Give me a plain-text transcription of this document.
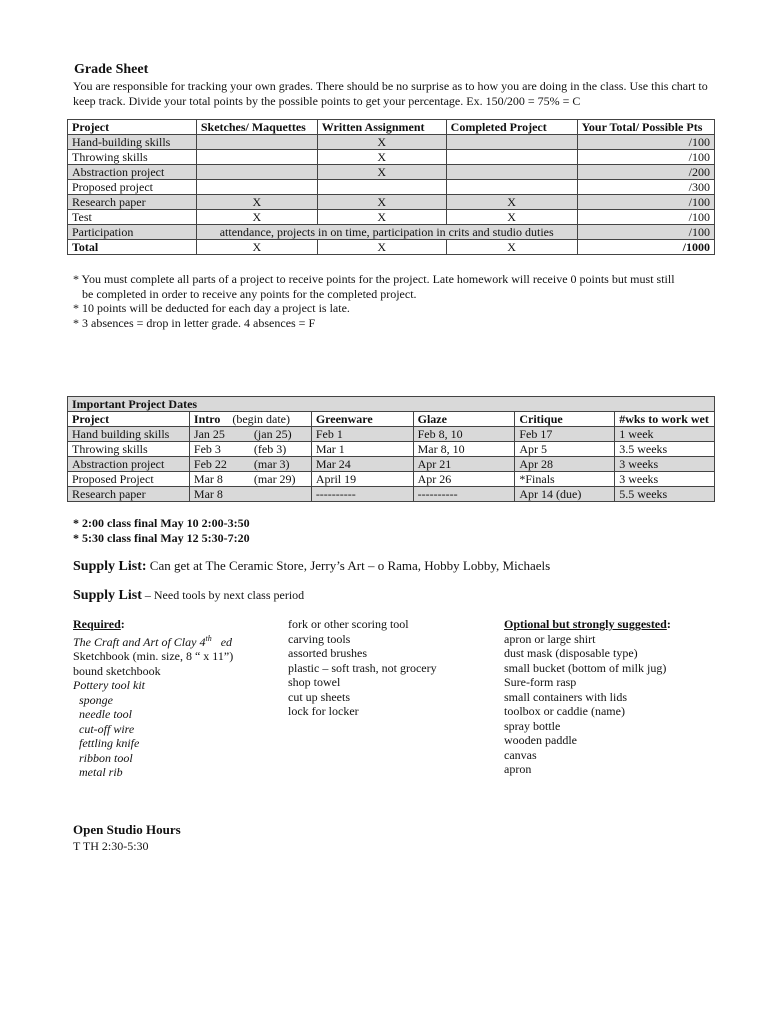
Grade Sheet
You are responsible for tracking your own grades. There should be no surprise as to how you are doing in the class. Use this chart to keep track. Divide your total points by the possible points to get your percentage. Ex. 150/200 = 75% = C
Project	Sketches/ Maquettes	Written Assignment	Completed Project	Your Total/ Possible Pts
Hand-building skills		X		/100
Throwing skills		X		/100
Abstraction project		X		/200
Proposed project				/300
Research paper	X	X	X	/100
Test	X	X	X	/100
Participation	attendance, projects in on time, participation in crits and studio duties			/100
Total	X	X	X	/1000
* You must complete all parts of a project to receive points for the project. Late homework will receive 0 points but must still
be completed in order to receive any points for the completed project.
* 10 points will be deducted for each day a project is late.
* 3 absences = drop in letter grade. 4 absences = F
Important Project Dates					
Project	Intro (begin date)	Greenware	Glaze	Critique	#wks to work wet
Hand building skills	Jan 25 (jan 25)	Feb 1	Feb 8, 10	Feb 17	1 week
Throwing skills	Feb 3 (feb 3)	Mar 1	Mar 8, 10	Apr 5	3.5 weeks
Abstraction project	Feb 22 (mar 3)	Mar 24	Apr 21	Apr 28	3 weeks
Proposed Project	Mar 8 (mar 29)	April 19	Apr 26	*Finals	3 weeks
Research paper	Mar 8	----------	----------	Apr 14 (due)	5.5 weeks
* 2:00 class final May 10 2:00-3:50
* 5:30 class final May 12 5:30-7:20
Supply List: Can get at The Ceramic Store, Jerry’s Art – o Rama, Hobby Lobby, Michaels
Supply List – Need tools by next class period
Required:
The Craft and Art of Clay 4th ed
Sketchbook (min. size, 8 “ x 11”)
bound sketchbook
Pottery tool kit
sponge
needle tool
cut-off wire
fettling knife
ribbon tool
metal rib
fork or other scoring tool
carving tools
assorted brushes
plastic – soft trash, not grocery
shop towel
cut up sheets
lock for locker
Optional but strongly suggested:
apron or large shirt
dust mask (disposable type)
small bucket (bottom of milk jug)
Sure-form rasp
small containers with lids
toolbox or caddie (name)
spray bottle
wooden paddle
canvas
apron
Open Studio Hours
T TH 2:30-5:30
